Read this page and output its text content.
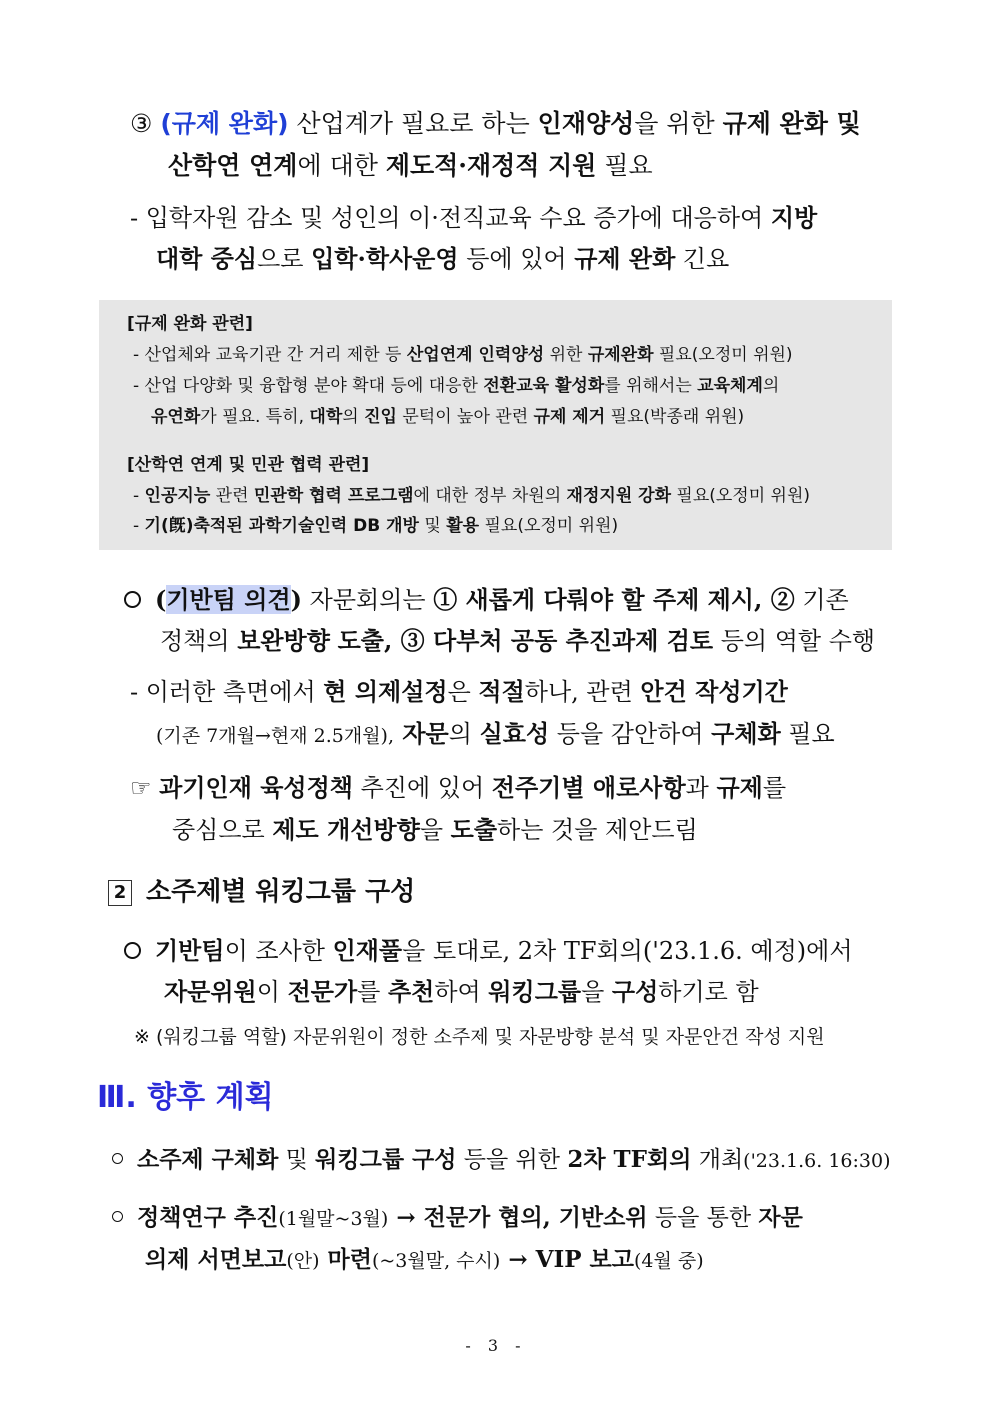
③ (규제 완화) 산업계가 필요로 하는 인재양성을 위한 규제 완화 및
산학연 연계에 대한 제도적·재정적 지원 필요
- 입학자원 감소 및 성인의 이·전직교육 수요 증가에 대응하여 지방
대학 중심으로 입학·학사운영 등에 있어 규제 완화 긴요
[규제 완화 관련]
- 산업체와 교육기관 간 거리 제한 등 산업연계 인력양성 위한 규제완화 필요(오정미 위원)
- 산업 다양화 및 융합형 분야 확대 등에 대응한 전환교육 활성화를 위해서는 교육체계의
유연화가 필요. 특히, 대학의 진입 문턱이 높아 관련 규제 제거 필요(박종래 위원)
[산학연 연계 및 민관 협력 관련]
- 인공지능 관련 민관학 협력 프로그램에 대한 정부 차원의 재정지원 강화 필요(오정미 위원)
- 기(旣)축적된 과학기술인력 DB 개방 및 활용 필요(오정미 위원)
(기반팀 의견) 자문회의는 ① 새롭게 다뤄야 할 주제 제시, ② 기존
정책의 보완방향 도출, ③ 다부처 공동 추진과제 검토 등의 역할 수행
- 이러한 측면에서 현 의제설정은 적절하나, 관련 안건 작성기간
(기존 7개월→현재 2.5개월), 자문의 실효성 등을 감안하여 구체화 필요
☞ 과기인재 육성정책 추진에 있어 전주기별 애로사항과 규제를
중심으로 제도 개선방향을 도출하는 것을 제안드림
2 소주제별 워킹그룹 구성
기반팀이 조사한 인재풀을 토대로, 2차 TF회의('23.1.6. 예정)에서
자문위원이 전문가를 추천하여 워킹그룹을 구성하기로 함
※ (워킹그룹 역할) 자문위원이 정한 소주제 및 자문방향 분석 및 자문안건 작성 지원
Ⅲ. 향후 계획
소주제 구체화 및 워킹그룹 구성 등을 위한 2차 TF회의 개최('23.1.6. 16:30)
정책연구 추진(1월말~3월) → 전문가 협의, 기반소위 등을 통한 자문
의제 서면보고(안) 마련(~3월말, 수시) → VIP 보고(4월 중)
- 3 -
